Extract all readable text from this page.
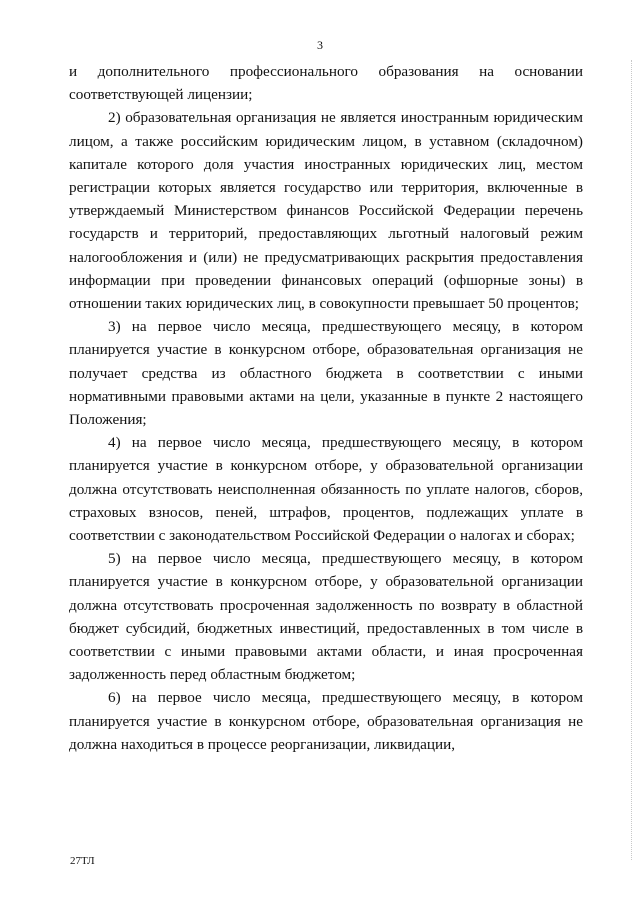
3

и дополнительного профессионального образования на основании соответствующей лицензии;

2) образовательная организация не является иностранным юридическим лицом, а также российским юридическим лицом, в уставном (складочном) капитале которого доля участия иностранных юридических лиц, местом регистрации которых является государство или территория, включенные в утверждаемый Министерством финансов Российской Федерации перечень государств и территорий, предоставляющих льготный налоговый режим налогообложения и (или) не предусматривающих раскрытия предоставления информации при проведении финансовых операций (офшорные зоны) в отношении таких юридических лиц, в совокупности превышает 50 процентов;

3) на первое число месяца, предшествующего месяцу, в котором планируется участие в конкурсном отборе, образовательная организация не получает средства из областного бюджета в соответствии с иными нормативными правовыми актами на цели, указанные в пункте 2 настоящего Положения;

4) на первое число месяца, предшествующего месяцу, в котором планируется участие в конкурсном отборе, у образовательной организации должна отсутствовать неисполненная обязанность по уплате налогов, сборов, страховых взносов, пеней, штрафов, процентов, подлежащих уплате в соответствии с законодательством Российской Федерации о налогах и сборах;

5) на первое число месяца, предшествующего месяцу, в котором планируется участие в конкурсном отборе, у образовательной организации должна отсутствовать просроченная задолженность по возврату в областной бюджет субсидий, бюджетных инвестиций, предоставленных в том числе в соответствии с иными правовыми актами области, и иная просроченная задолженность перед областным бюджетом;

6) на первое число месяца, предшествующего месяцу, в котором планируется участие в конкурсном отборе, образовательная организация не должна находиться в процессе реорганизации, ликвидации,

27ТЛ
